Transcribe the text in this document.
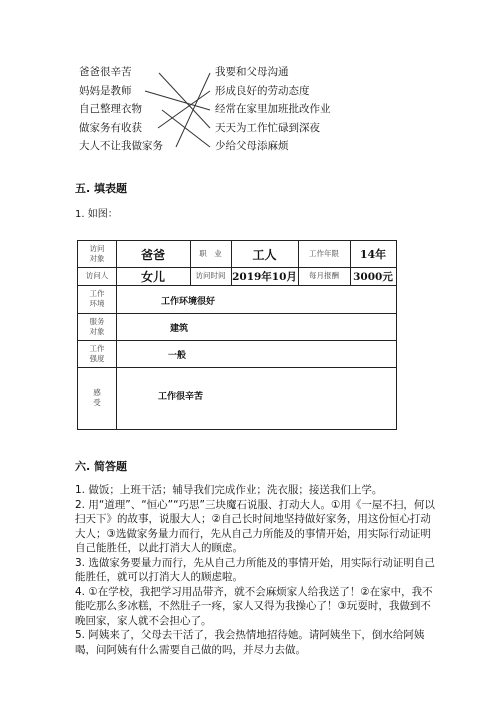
爸爸很辛苦
妈妈是教师
自己整理衣物
做家务有收获
大人不让我做家务
我要和父母沟通
形成良好的劳动态度
经常在家里加班批改作业
天天为工作忙碌到深夜
少给父母添麻烦
五. 填表题
1. 如图：
访问
对象	爸爸	职　业	工人	工作年限	14年
访问人	女儿	访问时间 2019年10月	每月报酬	3000元
工作
环境	工作环境很好
服务
对象	建筑
工作
强度	一般
感
受
工作很辛苦
六. 简答题

1. 做饭；上班干活；辅导我们完成作业；洗衣服；接送我们上学。

2. 用“道理”、“恒心”“巧思”三块魔石说服、打动大人。①用《一屋不扫，何以扫天下》的故事，说服大人；②自己长时间地坚持做好家务，用这份恒心打动大人；③选做家务量力而行，先从自己力所能及的事情开始，用实际行动证明自己能胜任，以此打消大人的顾虑。

3. 选做家务要量力而行，先从自己力所能及的事情开始，用实际行动证明自己能胜任，就可以打消大人的顾虑啦。

4. ①在学校，我把学习用品带齐，就不会麻烦家人给我送了！②在家中，我不能吃那么多冰糕，不然肚子一疼，家人又得为我操心了！③玩耍时，我做到不晚回家，家人就不会担心了。

5. 阿姨来了，父母去干活了，我会热情地招待她。请阿姨坐下，倒水给阿姨喝，问阿姨有什么需要自己做的吗，并尽力去做。
